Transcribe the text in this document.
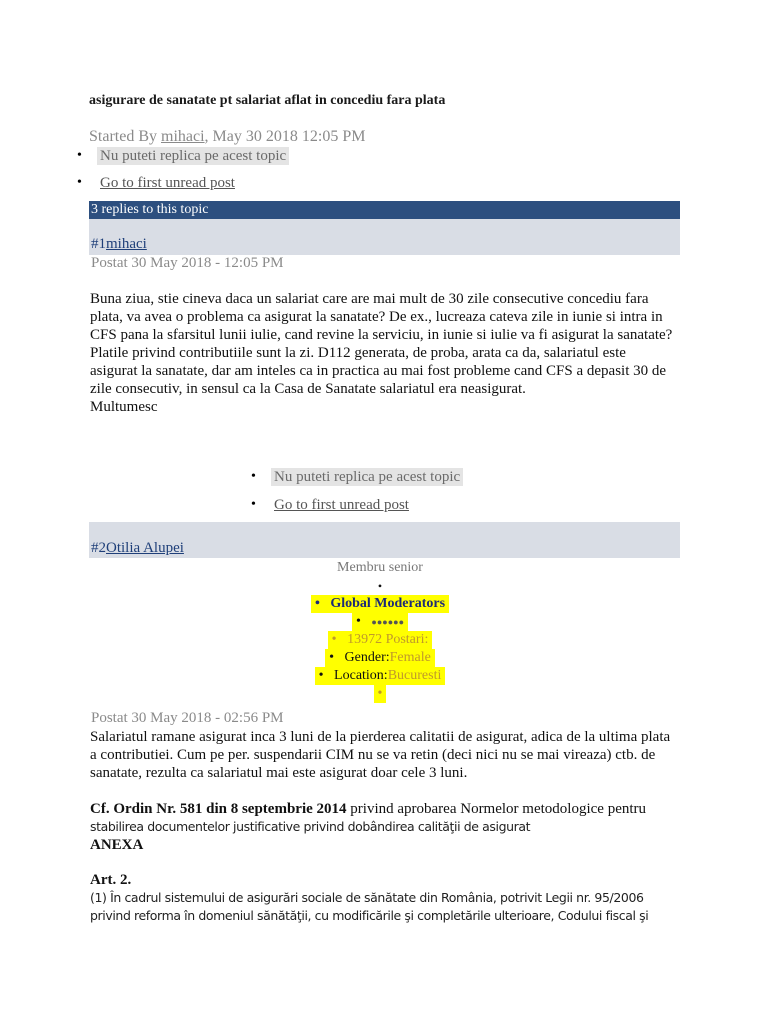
asigurare de sanatate pt salariat aflat in concediu fara plata
Started By mihaci, May 30 2018 12:05 PM
• Nu puteti replica pe acest topic
• Go to first unread post
3 replies to this topic
#1mihaci
Postat 30 May 2018 - 12:05 PM
Buna ziua, stie cineva daca un salariat care are mai mult de 30 zile consecutive concediu fara
plata, va avea o problema ca asigurat la sanatate? De ex., lucreaza cateva zile in iunie si intra in
CFS pana la sfarsitul lunii iulie, cand revine la serviciu, in iunie si iulie va fi asigurat la sanatate?
Platile privind contributiile sunt la zi. D112 generata, de proba, arata ca da, salariatul este
asigurat la sanatate, dar am inteles ca in practica au mai fost probleme cand CFS a depasit 30 de
zile consecutiv, in sensul ca la Casa de Sanatate salariatul era neasigurat.
Multumesc
• Nu puteti replica pe acest topic
• Go to first unread post
#2Otilia Alupei
Membru senior
•
•   Global Moderators
•   ●●●●●●
•   13972 Postari:
•   Gender:Female
•   Location:Bucuresti
•
Postat 30 May 2018 - 02:56 PM
Salariatul ramane asigurat inca 3 luni de la pierderea calitatii de asigurat, adica de la ultima plata
a contributiei. Cum pe per. suspendarii CIM nu se va retin (deci nici nu se mai vireaza) ctb. de
sanatate, rezulta ca salariatul mai este asigurat doar cele 3 luni.
Cf. Ordin Nr. 581 din 8 septembrie 2014 privind aprobarea Normelor metodologice pentru
stabilirea documentelor justificative privind dobândirea calităţii de asigurat
ANEXA
Art. 2.
(1) În cadrul sistemului de asigurări sociale de sănătate din România, potrivit Legii nr. 95/2006
privind reforma în domeniul sănătăţii, cu modificările şi completările ulterioare, Codului fiscal şi
